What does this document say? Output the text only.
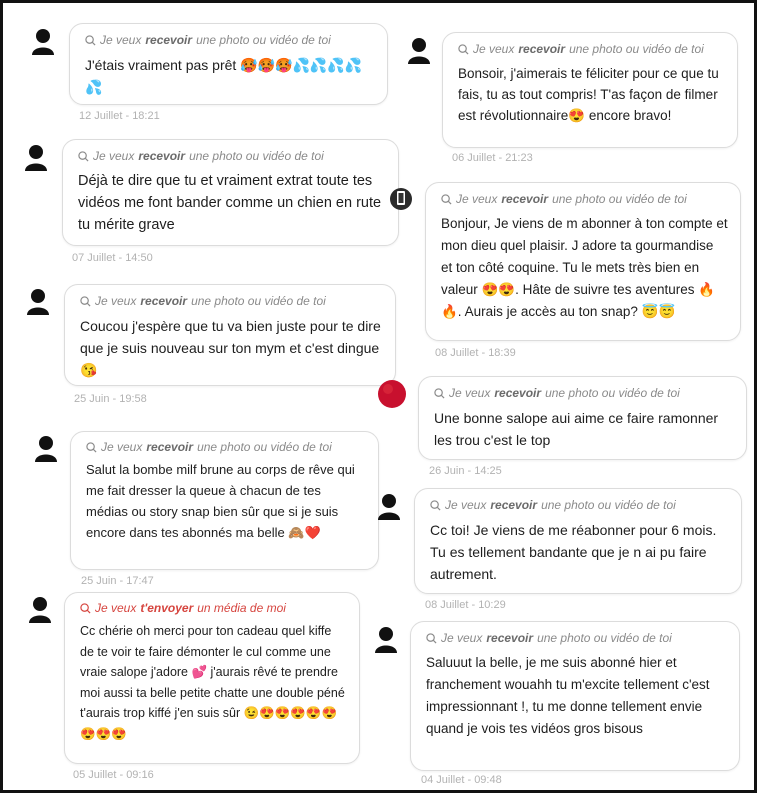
Je veux recevoir une photo ou vidéo de toi
J'étais vraiment pas prêt 🥵🥵🥵💦💦💦💦💦
12 Juillet - 18:21
Je veux recevoir une photo ou vidéo de toi
Déjà te dire que tu et vraiment extrat toute tes vidéos me font bander comme un chien en rute tu mérite grave
07 Juillet - 14:50
Je veux recevoir une photo ou vidéo de toi
Coucou j'espère que tu va bien juste pour te dire que je suis nouveau sur ton mym et c'est dingue 😘
25 Juin - 19:58
Je veux recevoir une photo ou vidéo de toi
Salut la bombe milf brune au corps de rêve qui me fait dresser la queue à chacun de tes médias ou story snap bien sûr que si je suis encore dans tes abonnés ma belle 🙈❤️
25 Juin - 17:47
Je veux t'envoyer un média de moi
Cc chérie oh merci pour ton cadeau quel kiffe de te voir te faire démonter le cul comme une vraie salope j'adore 💕 j'aurais rêvé te prendre moi aussi ta belle petite chatte une double péné t'aurais trop kiffé j'en suis sûr 😉😍😍😍😍😍😍😍😍
05 Juillet - 09:16
Je veux recevoir une photo ou vidéo de toi
Bonsoir, j'aimerais te féliciter pour ce que tu fais, tu as tout compris! T'as façon de filmer est révolutionnaire😍 encore bravo!
06 Juillet - 21:23
Je veux recevoir une photo ou vidéo de toi
Bonjour, Je viens de m abonner à ton compte et mon dieu quel plaisir. J adore ta gourmandise et ton côté coquine. Tu le mets très bien en valeur 😍😍. Hâte de suivre tes aventures 🔥🔥. Aurais je accès au ton snap? 😇😇
08 Juillet - 18:39
Je veux recevoir une photo ou vidéo de toi
Une bonne salope aui aime ce faire ramonner les trou c'est le top
26 Juin - 14:25
Je veux recevoir une photo ou vidéo de toi
Cc toi! Je viens de me réabonner pour 6 mois. Tu es tellement bandante que je n ai pu faire autrement.
08 Juillet - 10:29
Je veux recevoir une photo ou vidéo de toi
Saluuut la belle, je me suis abonné hier et franchement wouahh tu m'excite tellement c'est impressionnant !, tu me donne tellement envie quand je vois tes vidéos gros bisous
04 Juillet - 09:48
